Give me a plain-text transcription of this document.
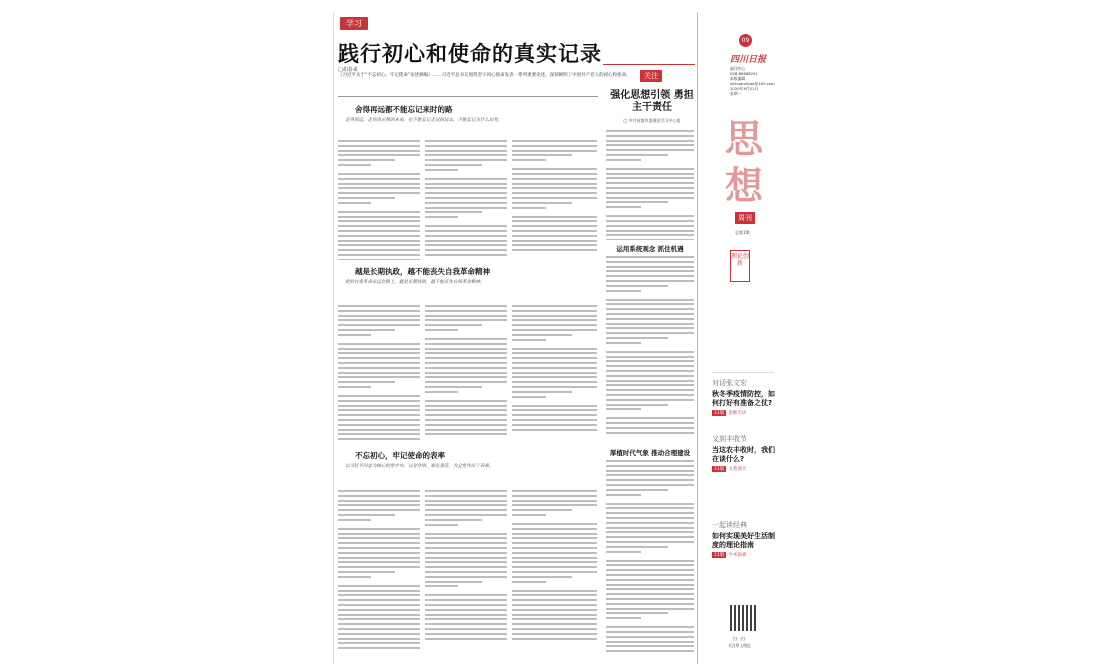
学习
践行初心和使命的真实记录
□胡春来
《习近平关于“不忘初心、牢记使命”论述摘编》……习近平总书记围绕坚守初心使命发表一系列重要论述，深刻阐明了中国共产党人的初心和使命。
舍得再远都不能忘记来时的路
走得再远、走到再光辉的未来，也不能忘记走过的过去，不能忘记为什么出发。
越是长期执政，越不能丧失自我革命精神
党的自我革命永远在路上，越是长期执政，越不能丧失自我革命精神。
不忘初心，牢记使命的表率
以习近平同志为核心的党中央，以身作则、率先垂范，为全党作出了表率。
关注
强化思想引领 勇担主干责任
□ 中共成都市委理论学习中心组
运用系统观念 抓住机遇
厚植时代气象 推动合理建设
09
四川日报
副刊中心
028-86968241
本版编辑
sichuanribao@163.com
2020年9月21日
星期一
思
想
周刊
总第1期
理论创新
对话张文宏
秋冬季疫情防控，如何打好有准备之仗?
11版 ·思维专访
又到丰收节
当这农丰收时，我们在谈什么?
11版 ·文苑谈天
一起读经典
如何实现美好生活制度的理论指南
11版 ·学术探索
扫一扫
关注掌上理论
